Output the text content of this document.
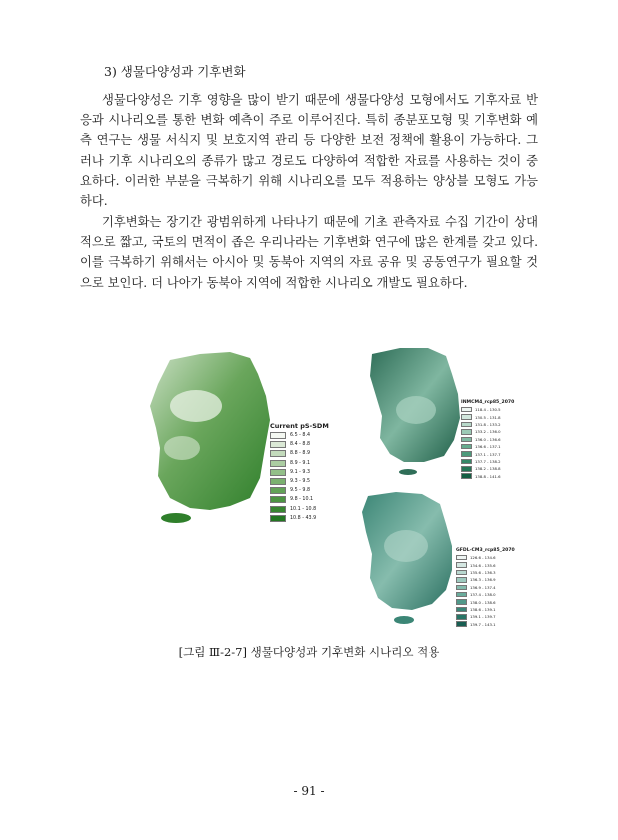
3) 생물다양성과 기후변화

생물다양성은 기후 영향을 많이 받기 때문에 생물다양성 모형에서도 기후자료 반응과 시나리오를 통한 변화 예측이 주로 이루어진다. 특히 종분포모형 및 기후변화 예측 연구는 생물 서식지 및 보호지역 관리 등 다양한 보전 정책에 활용이 가능하다. 그러나 기후 시나리오의 종류가 많고 경로도 다양하여 적합한 자료를 사용하는 것이 중요하다. 이러한 부분을 극복하기 위해 시나리오를 모두 적용하는 양상블 모형도 가능하다.

기후변화는 장기간 광범위하게 나타나기 때문에 기초 관측자료 수집 기간이 상대적으로 짧고, 국토의 면적이 좁은 우리나라는 기후변화 연구에 많은 한계를 갖고 있다. 이를 극복하기 위해서는 아시아 및 동북아 지역의 자료 공유 및 공동연구가 필요할 것으로 보인다. 더 나아가 동북아 지역에 적합한 시나리오 개발도 필요하다.

Current pS-SDM
6.5 - 8.4
8.4 - 8.8
8.8 - 8.9
8.9 - 9.1
9.1 - 9.3
9.3 - 9.5
9.5 - 9.8
9.8 - 10.1
10.1 - 10.8
10.8 - 43.9
INMCM4_rcp85_2070
118.4 - 130.5
130.5 - 131.8
131.8 - 133.2
133.2 - 136.0
136.0 - 136.6
136.6 - 137.1
137.1 - 137.7
137.7 - 138.2
138.2 - 138.8
138.8 - 141.6
GFDL-CM3_rcp85_2070
126.6 - 134.6
134.6 - 135.6
135.6 - 136.3
136.3 - 136.9
136.9 - 137.4
137.4 - 138.0
138.0 - 138.6
138.6 - 139.1
139.1 - 139.7
139.7 - 143.1
[그림 Ⅲ-2-7] 생물다양성과 기후변화 시나리오 적용
- 91 -
